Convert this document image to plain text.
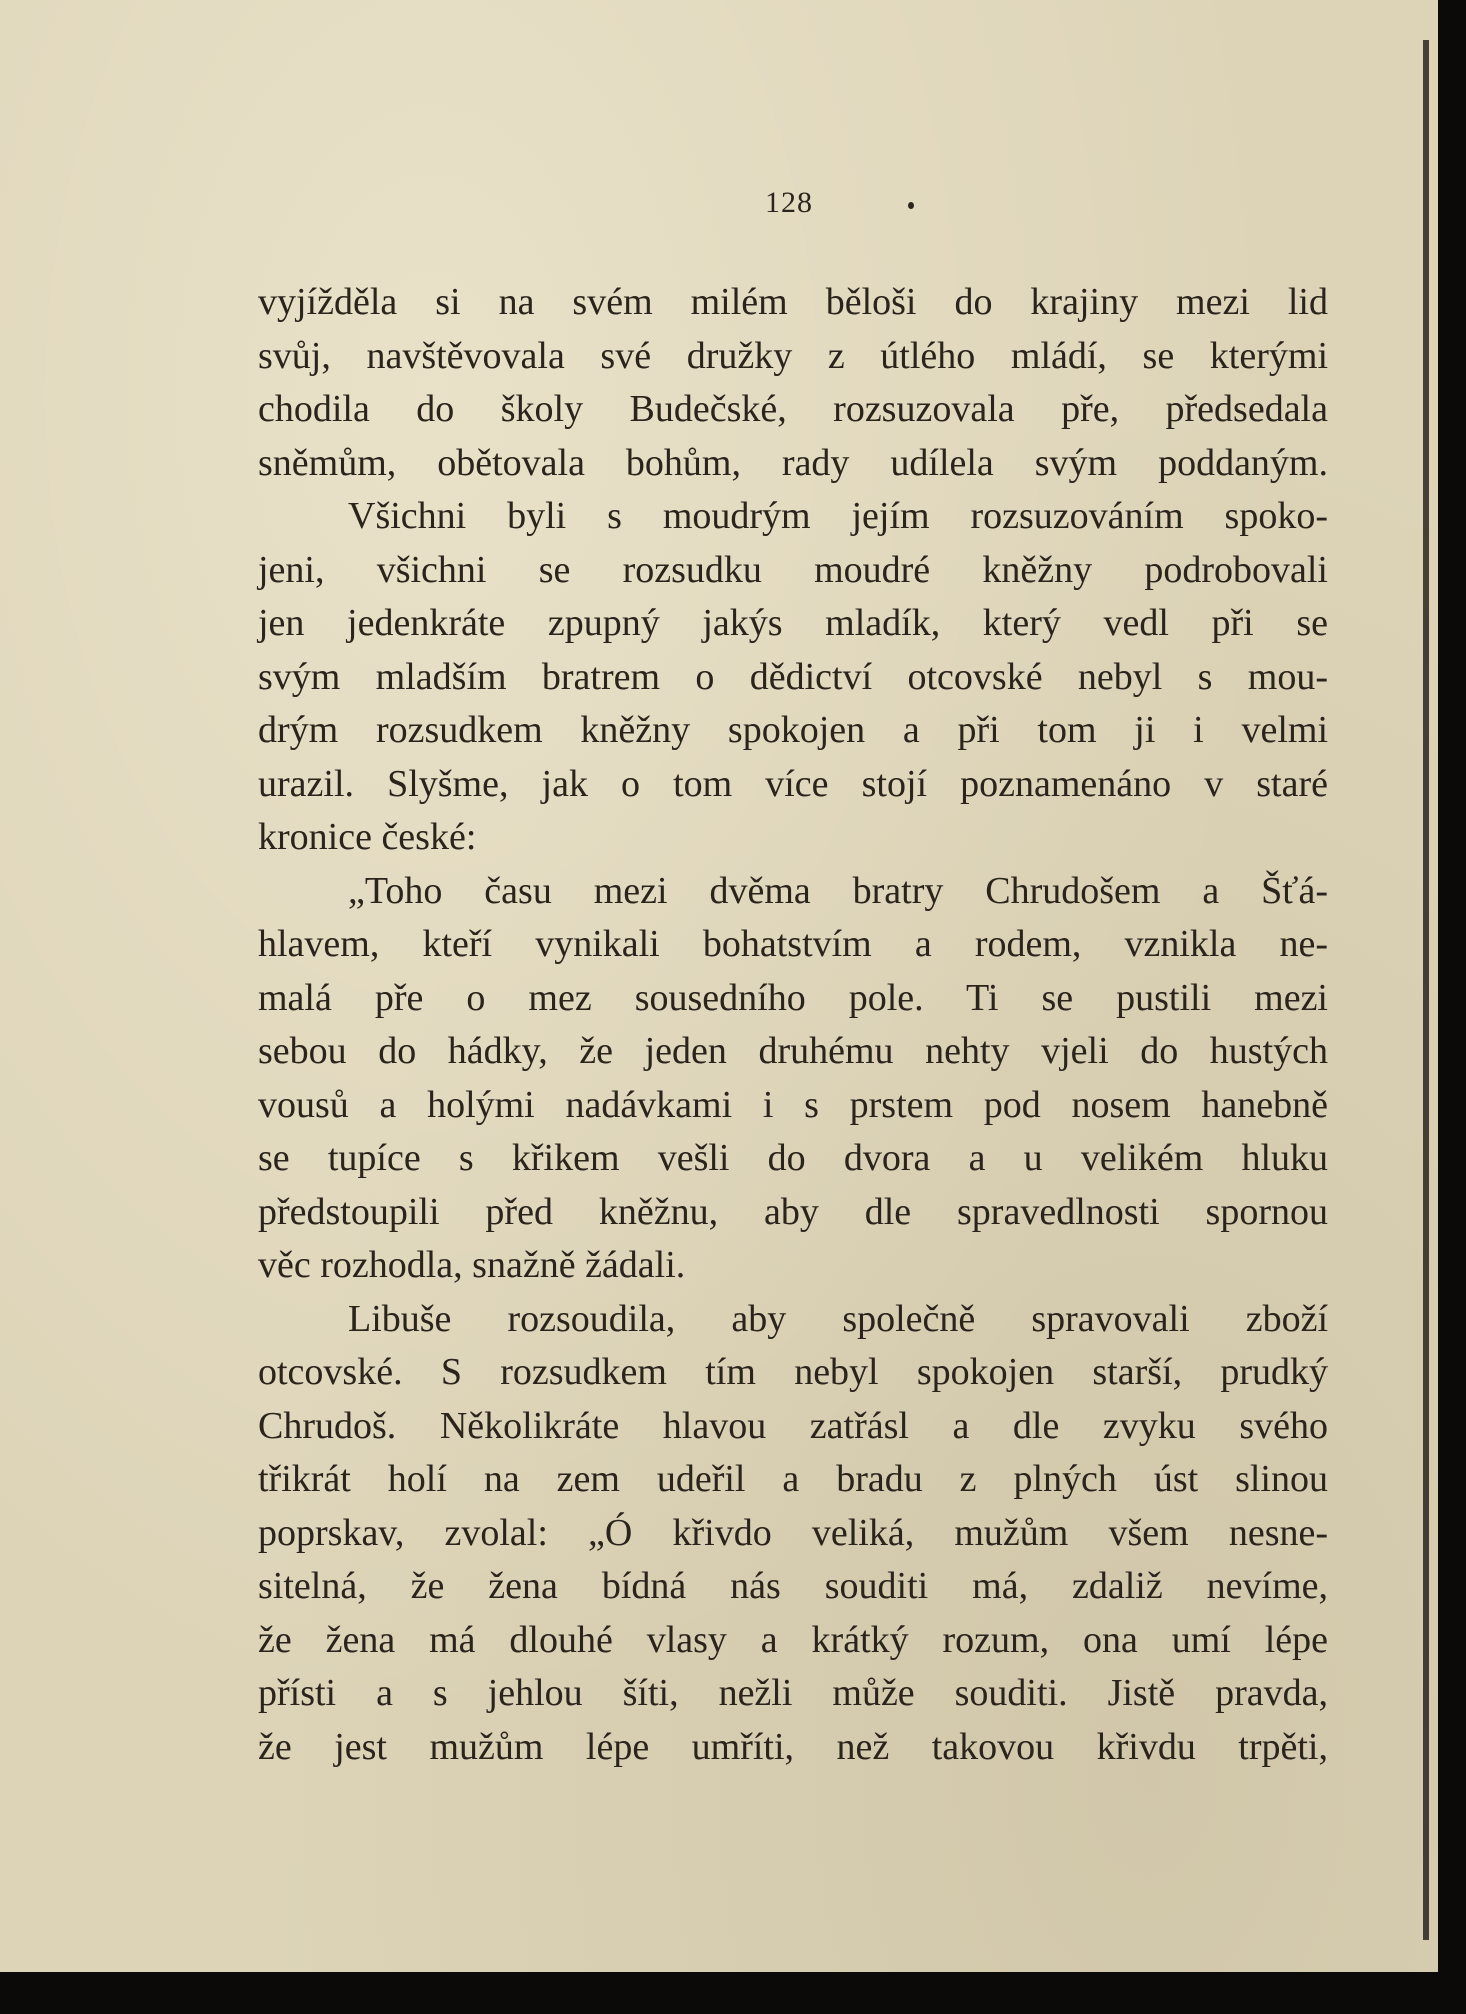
128
vyjížděla si na svém milém běloši do krajiny mezi lid
svůj, navštěvovala své družky z útlého mládí, se kterými
chodila do školy Budečské, rozsuzovala pře, předsedala
sněmům, obětovala bohům, rady udílela svým poddaným.
Všichni byli s moudrým jejím rozsuzováním spoko-
jeni, všichni se rozsudku moudré kněžny podrobovali
jen jedenkráte zpupný jakýs mladík, který vedl při se
svým mladším bratrem o dědictví otcovské nebyl s mou-
drým rozsudkem kněžny spokojen a při tom ji i velmi
urazil. Slyšme, jak o tom více stojí poznamenáno v staré
kronice české:
„Toho času mezi dvěma bratry Chrudošem a Šťá-
hlavem, kteří vynikali bohatstvím a rodem, vznikla ne-
malá pře o mez sousedního pole. Ti se pustili mezi
sebou do hádky, že jeden druhému nehty vjeli do hustých
vousů a holými nadávkami i s prstem pod nosem hanebně
se tupíce s křikem vešli do dvora a u velikém hluku
předstoupili před kněžnu, aby dle spravedlnosti spornou
věc rozhodla, snažně žádali.
Libuše rozsoudila, aby společně spravovali zboží
otcovské. S rozsudkem tím nebyl spokojen starší, prudký
Chrudoš. Několikráte hlavou zatřásl a dle zvyku svého
třikrát holí na zem udeřil a bradu z plných úst slinou
poprskav, zvolal: „Ó křivdo veliká, mužům všem nesne-
sitelná, že žena bídná nás souditi má, zdaliž nevíme,
že žena má dlouhé vlasy a krátký rozum, ona umí lépe
přísti a s jehlou šíti, nežli může souditi. Jistě pravda,
že jest mužům lépe umříti, než takovou křivdu trpěti,
